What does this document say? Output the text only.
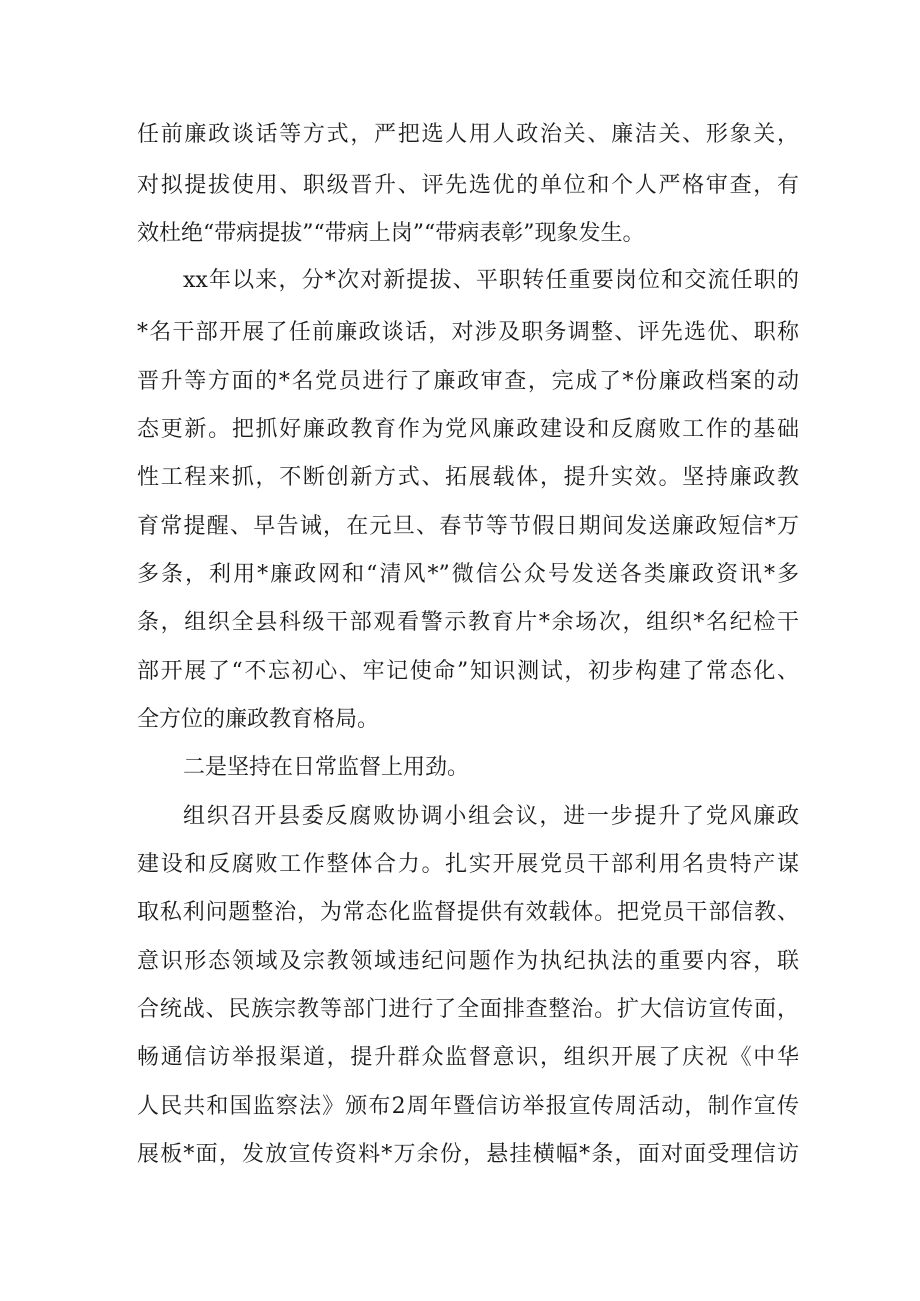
任前廉政谈话等方式，严把选人用人政治关、廉洁关、形象关，

对拟提拔使用、职级晋升、评先选优的单位和个人严格审查，有

效杜绝“带病提拔”“带病上岗”“带病表彰”现象发生。

xx年以来，分*次对新提拔、平职转任重要岗位和交流任职的

*名干部开展了任前廉政谈话，对涉及职务调整、评先选优、职称

晋升等方面的*名党员进行了廉政审查，完成了*份廉政档案的动

态更新。把抓好廉政教育作为党风廉政建设和反腐败工作的基础

性工程来抓，不断创新方式、拓展载体，提升实效。坚持廉政教

育常提醒、早告诫，在元旦、春节等节假日期间发送廉政短信*万

多条，利用*廉政网和“清风*”微信公众号发送各类廉政资讯*多

条，组织全县科级干部观看警示教育片*余场次，组织*名纪检干

部开展了“不忘初心、牢记使命”知识测试，初步构建了常态化、

全方位的廉政教育格局。

二是坚持在日常监督上用劲。

组织召开县委反腐败协调小组会议，进一步提升了党风廉政

建设和反腐败工作整体合力。扎实开展党员干部利用名贵特产谋

取私利问题整治，为常态化监督提供有效载体。把党员干部信教、

意识形态领域及宗教领域违纪问题作为执纪执法的重要内容，联

合统战、民族宗教等部门进行了全面排查整治。扩大信访宣传面，

畅通信访举报渠道，提升群众监督意识，组织开展了庆祝《中华

人民共和国监察法》颁布2周年暨信访举报宣传周活动，制作宣传

展板*面，发放宣传资料*万余份，悬挂横幅*条，面对面受理信访
